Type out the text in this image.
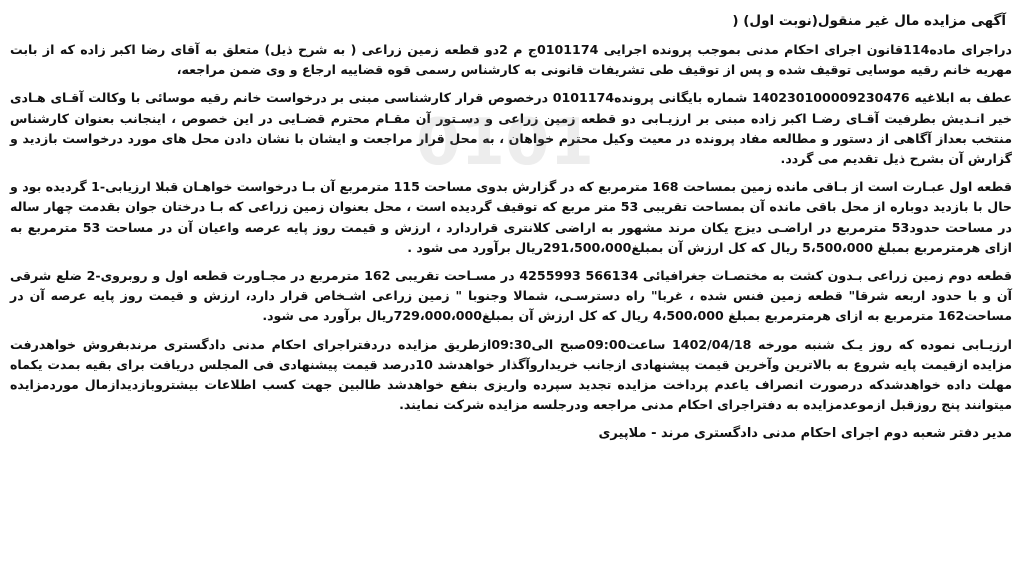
0101
آگهی مزایده مال غیر منقول(نوبت اول) (

دراجرای ماده114قانون اجرای احکام مدنی بموجب پرونده اجرایی 0101174ج م 2دو قطعه زمین زراعی ( به شرح ذیل) متعلق به آقای رضا اکبر زاده که از بابت مهریه خانم رقیه موسایی توقیف شده و پس از توقیف طی تشریفات قانونی به کارشناس رسمی قوه قضاییه ارجاع و وی ضمن مراجعه،

عطف به ابلاغیه 140230100009230476 شماره بایگانی پرونده0101174 درخصوص قرار کارشناسی مبنی بر درخواست خانم رقیه موسائی با وکالت آقـای هـادی خیر انـدیش بطرفیت آقـای رضـا اکبر زاده مبنی بر ارزیـابی دو قطعه زمین زراعی و دسـتور آن مقـام محترم قضـایی در این خصوص ، اینجانب بعنوان کارشناس منتخب بعداز آگاهی از دستور و مطالعه مفاد پرونده در معیت وکیل محترم خواهان ، به محل قرار مراجعت و ایشان با نشان دادن محل های مورد درخواست بازدید و گزارش آن بشرح ذیل تقدیم می گردد.

قطعه اول عبـارت است از بـاقی مانده زمین بمساحت 168 مترمربع که در گزارش بدوی مساحت 115 مترمربع آن بـا درخواست خواهـان قبلا ارزیابی-1 گردیده بود و حال با بازدید دوباره از محل باقی مانده آن بمساحت تقریبی 53 متر مربع که توقیف گردیده است ، محل بعنوان زمین زراعی که بـا درختان جوان بقدمت چهار ساله در مساحت حدود53 مترمربع در اراضـی دیزج یکان مرند مشهور به اراضی کلانتری قراردارد ، ارزش و قیمت روز پایه عرصه واعیان آن در مساحت 53 مترمربع به ازای هرمترمربع بمبلغ 5،500،000 ریال که کل ارزش آن بمبلغ291،500،000ریال برآورد می شود .

قطعه دوم زمین زراعی بـدون کشت به مختصـات جغرافیائی 566134 4255993 در مسـاحت تقریبی 162 مترمربع در مجـاورت قطعه اول و روبروی-2 ضلع شرقی آن و با حدود اربعه شرقا" قطعه زمین فنس شده ، غربا" راه دسترسـی، شمالا وجنوبا " زمین زراعی اشـخاص قرار دارد، ارزش و قیمت روز پایه عرصه آن در مساحت162 مترمربع به ازای هرمترمربع بمبلغ 4،500،000 ریال که کل ارزش آن بمبلغ729،000،000ریال برآورد می شود.

ارزیـابی نموده که روز یـک شنبه مورخه 1402/04/18 ساعت09:00صبح الی09:30ازطریق مزایده دردفتراجرای احکام مدنی دادگستری مرندبفروش خواهدرفت مزایده ازقیمت پایه شروع به بالاترین وآخرین قیمت پیشنهادی ازجانب خریداروآگذار خواهدشد 10درصد قیمت پیشنهادی فی المجلس دریافت برای بقیه بمدت یکماه مهلت داده خواهدشدکه درصورت انصراف یاعدم پرداخت مزایده تجدید سپرده واریزی بنفع خواهدشد طالبین جهت کسب اطلاعات بیشتروبازدیدازمال موردمزایده میتوانند پنج روزقبل ازموعدمزایده به دفتراجرای احکام مدنی مراجعه ودرجلسه مزایده شرکت نمایند.

مدیر دفتر شعبه دوم اجرای احکام مدنی دادگستری مرند - ملاپیری
